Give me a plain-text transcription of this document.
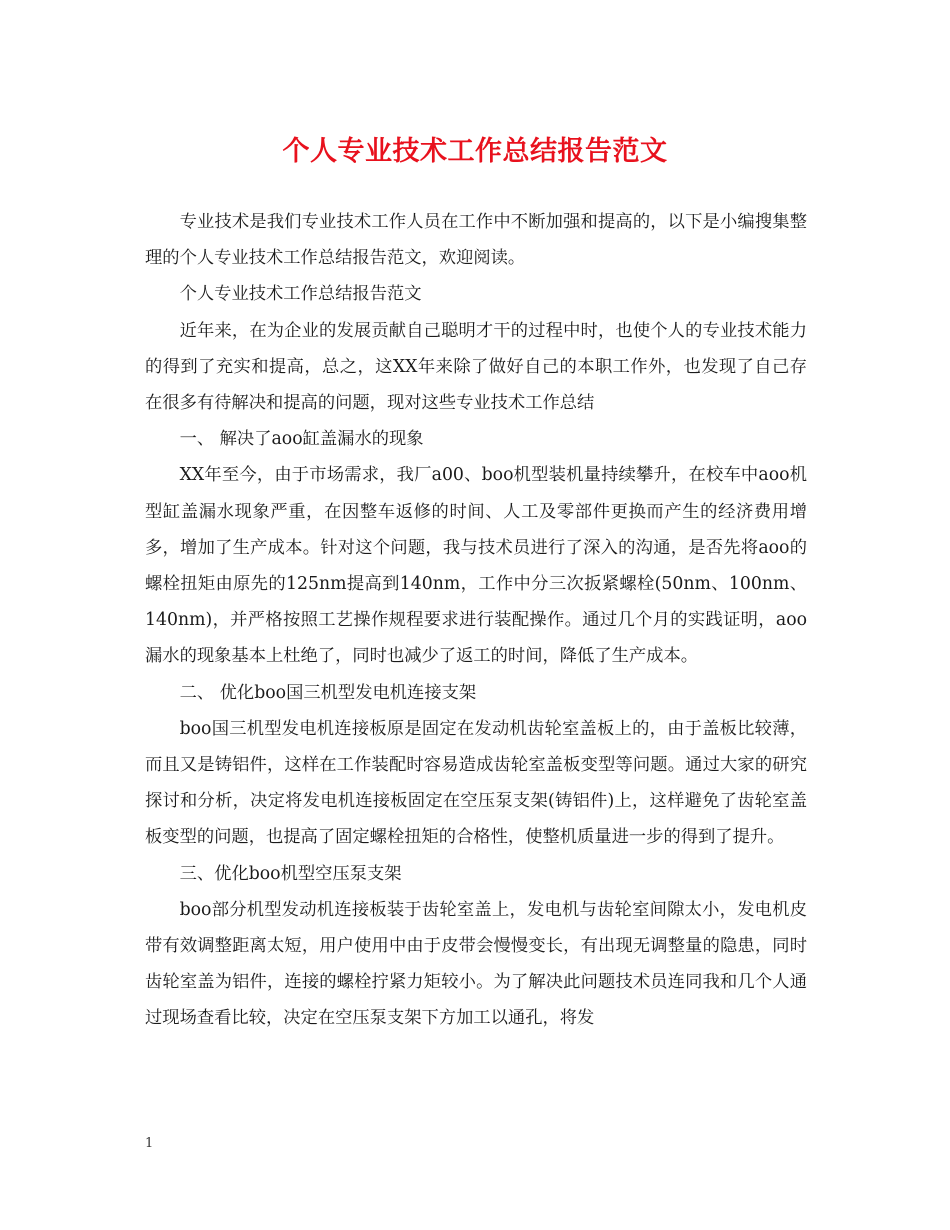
个人专业技术工作总结报告范文

专业技术是我们专业技术工作人员在工作中不断加强和提高的，以下是小编搜集整理的个人专业技术工作总结报告范文，欢迎阅读。

个人专业技术工作总结报告范文

近年来，在为企业的发展贡献自己聪明才干的过程中时，也使个人的专业技术能力的得到了充实和提高，总之，这XX年来除了做好自己的本职工作外，也发现了自己存在很多有待解决和提高的问题，现对这些专业技术工作总结

一、 解决了aoo缸盖漏水的现象

XX年至今，由于市场需求，我厂a00、boo机型装机量持续攀升，在校车中aoo机型缸盖漏水现象严重，在因整车返修的时间、人工及零部件更换而产生的经济费用增多，增加了生产成本。针对这个问题，我与技术员进行了深入的沟通，是否先将aoo的螺栓扭矩由原先的125nm提高到140nm，工作中分三次扳紧螺栓(50nm、100nm、140nm)，并严格按照工艺操作规程要求进行装配操作。通过几个月的实践证明，aoo漏水的现象基本上杜绝了，同时也减少了返工的时间，降低了生产成本。

二、 优化boo国三机型发电机连接支架

boo国三机型发电机连接板原是固定在发动机齿轮室盖板上的，由于盖板比较薄，而且又是铸铝件，这样在工作装配时容易造成齿轮室盖板变型等问题。通过大家的研究探讨和分析，决定将发电机连接板固定在空压泵支架(铸铝件)上，这样避免了齿轮室盖板变型的问题，也提高了固定螺栓扭矩的合格性，使整机质量进一步的得到了提升。

三、优化boo机型空压泵支架

boo部分机型发动机连接板装于齿轮室盖上，发电机与齿轮室间隙太小，发电机皮带有效调整距离太短，用户使用中由于皮带会慢慢变长，有出现无调整量的隐患，同时齿轮室盖为铝件，连接的螺栓拧紧力矩较小。为了解决此问题技术员连同我和几个人通过现场查看比较，决定在空压泵支架下方加工以通孔，将发

1
